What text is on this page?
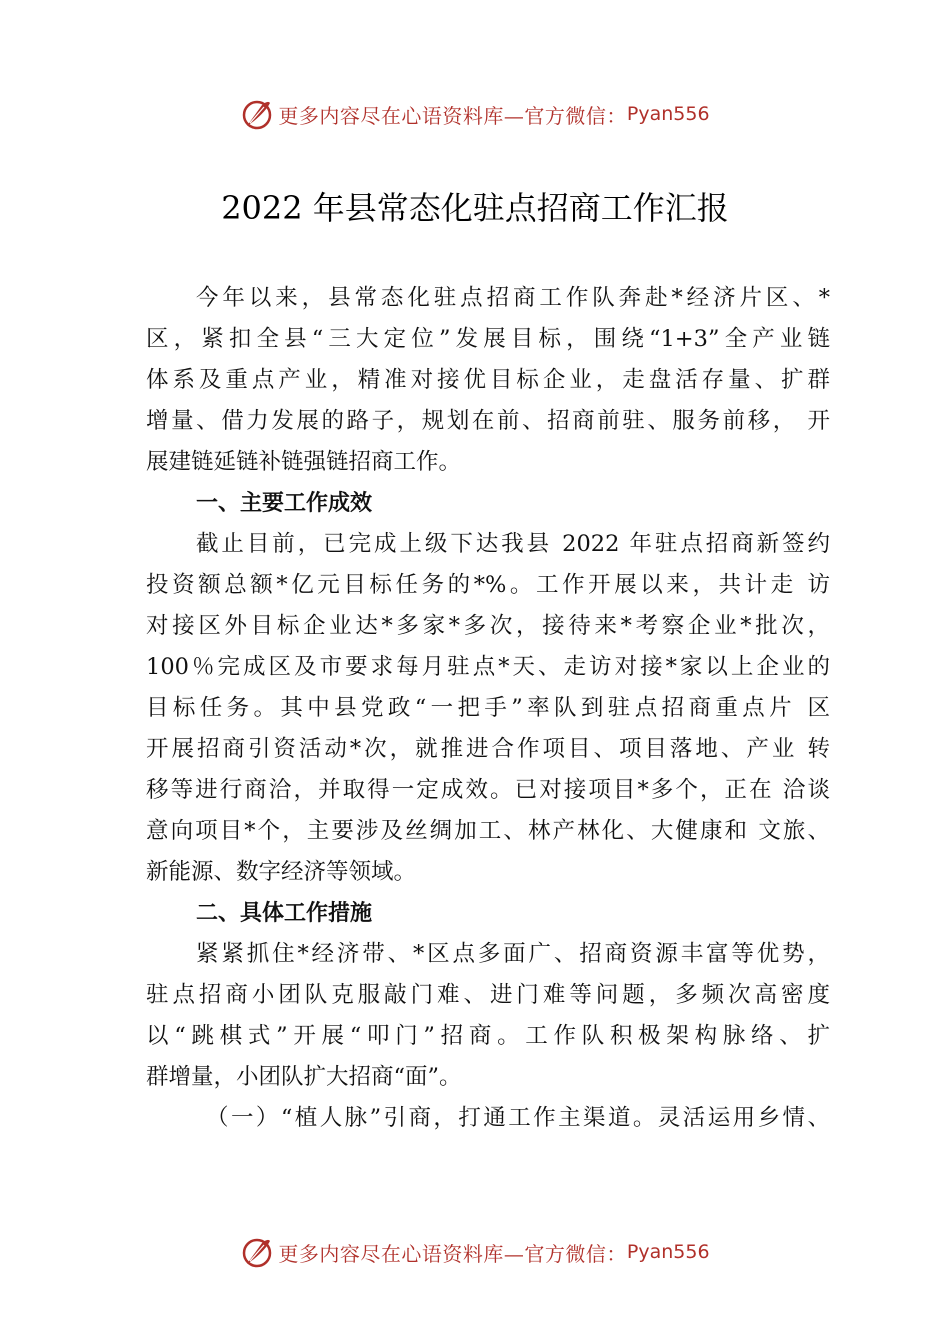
更多内容尽在心语资料库—官方微信： Pyan556
2022 年县常态化驻点招商工作汇报
今年以来，县常态化驻点招商工作队奔赴*经济片区、*
区，紧扣全县“三大定位”发展目标，围绕“1+3”全产业链
体系及重点产业，精准对接优目标企业，走盘活存量、扩群
增量、借力发展的路子，规划在前、招商前驻、服务前移， 开
展建链延链补链强链招商工作。
一、主要工作成效
截止目前，已完成上级下达我县 2022 年驻点招商新签约
投资额总额*亿元目标任务的*%。工作开展以来，共计走 访
对接区外目标企业达*多家*多次，接待来*考察企业*批次，
100％完成区及市要求每月驻点*天、走访对接*家以上企业的
目标任务。其中县党政“一把手”率队到驻点招商重点片 区
开展招商引资活动*次，就推进合作项目、项目落地、产业 转
移等进行商洽，并取得一定成效。已对接项目*多个，正在 洽谈
意向项目*个，主要涉及丝绸加工、林产林化、大健康和 文旅、
新能源、数字经济等领域。
二、具体工作措施
紧紧抓住*经济带、*区点多面广、招商资源丰富等优势，
驻点招商小团队克服敲门难、进门难等问题，多频次高密度
以“跳棋式”开展“叩门”招商。工作队积极架构脉络、扩
群增量，小团队扩大招商“面”。
（一）“植人脉”引商，打通工作主渠道。灵活运用乡情、
更多内容尽在心语资料库—官方微信： Pyan556
